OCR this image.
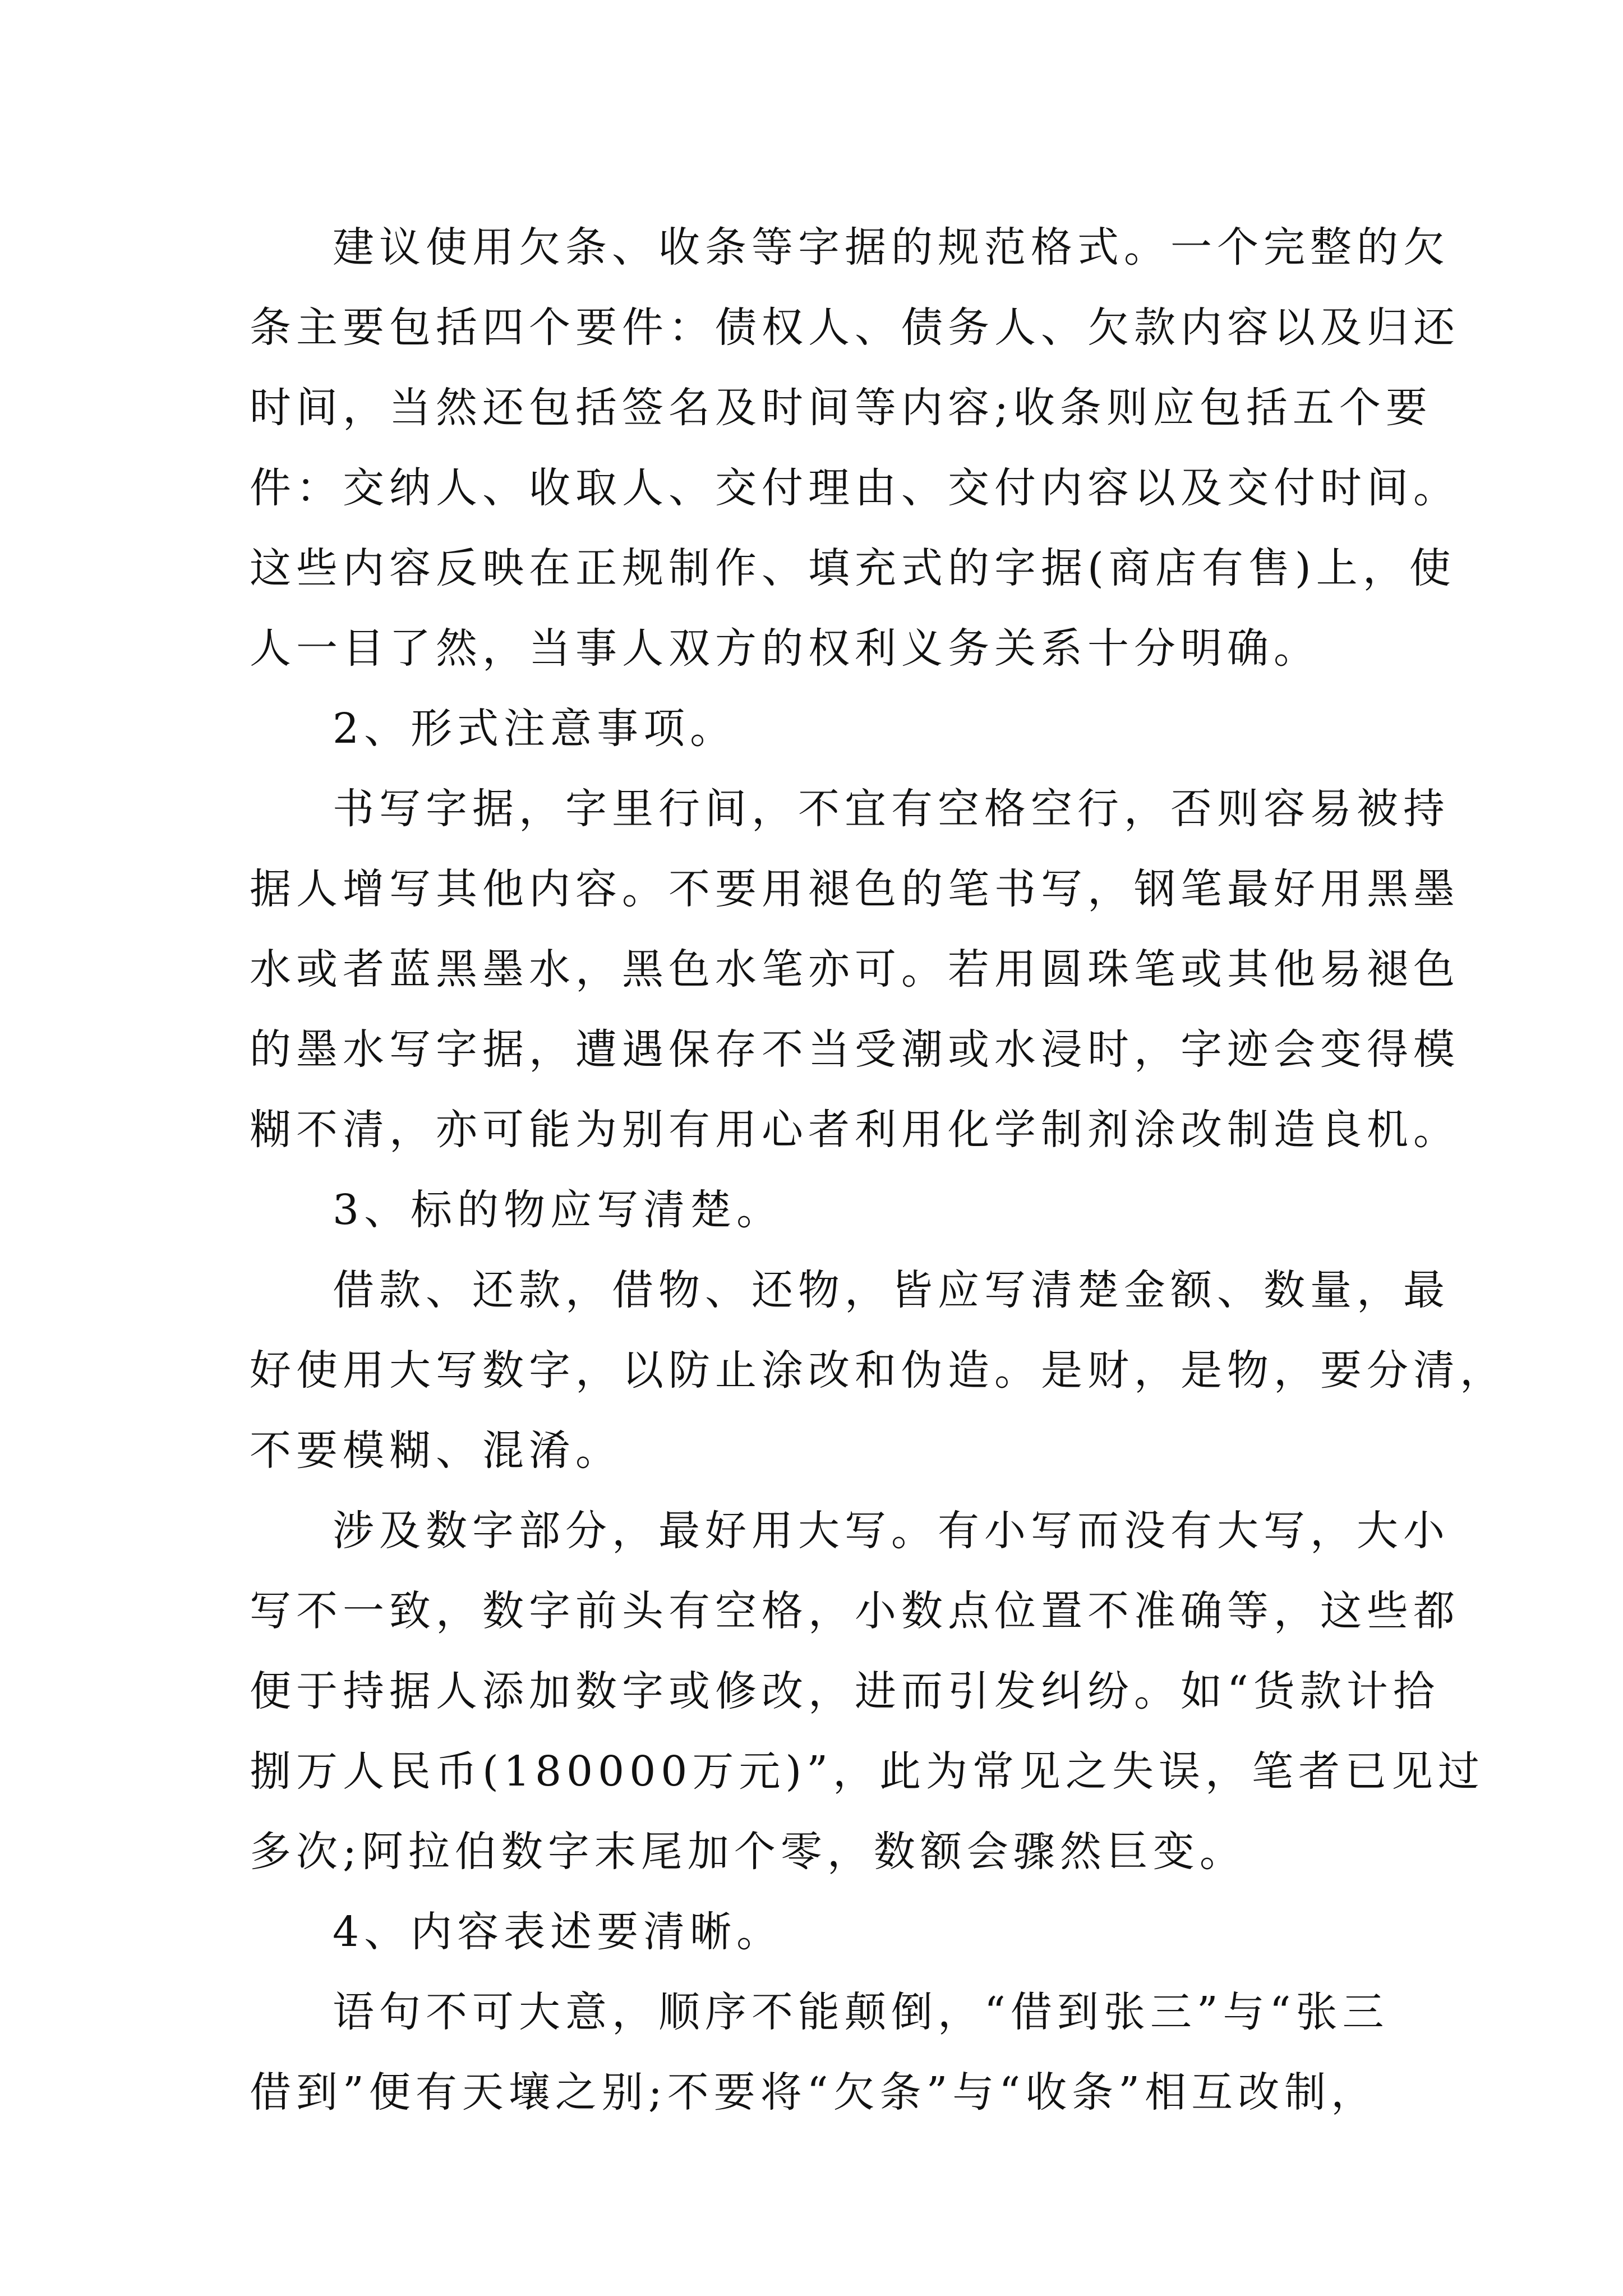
建议使用欠条、收条等字据的规范格式。一个完整的欠
条主要包括四个要件：债权人、债务人、欠款内容以及归还
时间，当然还包括签名及时间等内容;收条则应包括五个要
件：交纳人、收取人、交付理由、交付内容以及交付时间。
这些内容反映在正规制作、填充式的字据(商店有售)上，使
人一目了然，当事人双方的权利义务关系十分明确。
2、形式注意事项。
书写字据，字里行间，不宜有空格空行，否则容易被持
据人增写其他内容。不要用褪色的笔书写，钢笔最好用黑墨
水或者蓝黑墨水，黑色水笔亦可。若用圆珠笔或其他易褪色
的墨水写字据，遭遇保存不当受潮或水浸时，字迹会变得模
糊不清，亦可能为别有用心者利用化学制剂涂改制造良机。
3、标的物应写清楚。
借款、还款，借物、还物，皆应写清楚金额、数量，最
好使用大写数字，以防止涂改和伪造。是财，是物，要分清，
不要模糊、混淆。
涉及数字部分，最好用大写。有小写而没有大写，大小
写不一致，数字前头有空格，小数点位置不准确等，这些都
便于持据人添加数字或修改，进而引发纠纷。如“货款计拾
捌万人民币(180000万元)”，此为常见之失误，笔者已见过
多次;阿拉伯数字末尾加个零，数额会骤然巨变。
4、内容表述要清晰。
语句不可大意，顺序不能颠倒，“借到张三”与“张三
借到”便有天壤之别;不要将“欠条”与“收条”相互改制，
